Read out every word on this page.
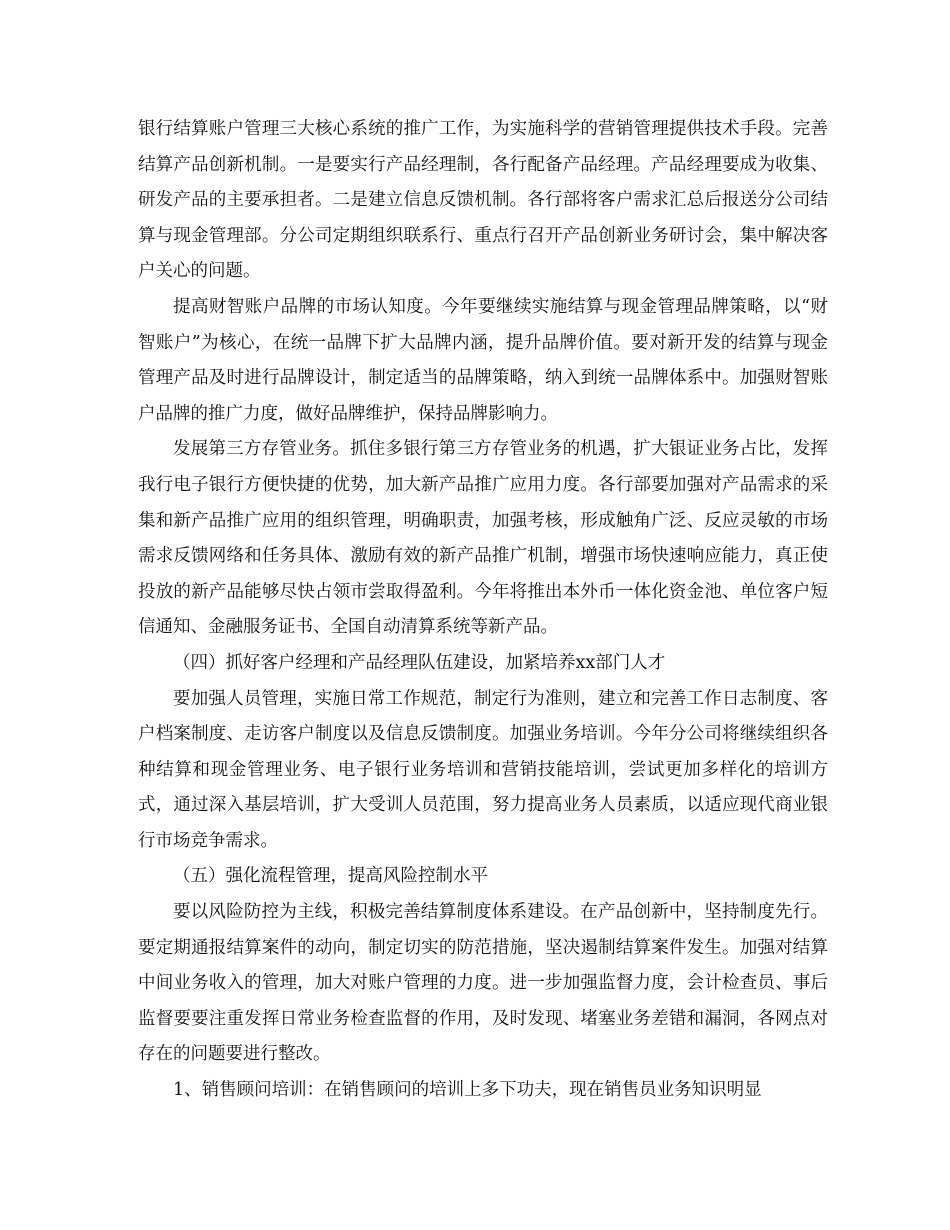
银行结算账户管理三大核心系统的推广工作，为实施科学的营销管理提供技术手段。完善结算产品创新机制。一是要实行产品经理制，各行配备产品经理。产品经理要成为收集、研发产品的主要承担者。二是建立信息反馈机制。各行部将客户需求汇总后报送分公司结算与现金管理部。分公司定期组织联系行、重点行召开产品创新业务研讨会，集中解决客户关心的问题。

提高财智账户品牌的市场认知度。今年要继续实施结算与现金管理品牌策略，以“财智账户”为核心，在统一品牌下扩大品牌内涵，提升品牌价值。要对新开发的结算与现金管理产品及时进行品牌设计，制定适当的品牌策略，纳入到统一品牌体系中。加强财智账户品牌的推广力度，做好品牌维护，保持品牌影响力。

发展第三方存管业务。抓住多银行第三方存管业务的机遇，扩大银证业务占比，发挥我行电子银行方便快捷的优势，加大新产品推广应用力度。各行部要加强对产品需求的采集和新产品推广应用的组织管理，明确职责，加强考核，形成触角广泛、反应灵敏的市场需求反馈网络和任务具体、激励有效的新产品推广机制，增强市场快速响应能力，真正使投放的新产品能够尽快占领市尝取得盈利。今年将推出本外币一体化资金池、单位客户短信通知、金融服务证书、全国自动清算系统等新产品。

（四）抓好客户经理和产品经理队伍建设，加紧培养xx部门人才

要加强人员管理，实施日常工作规范，制定行为准则，建立和完善工作日志制度、客户档案制度、走访客户制度以及信息反馈制度。加强业务培训。今年分公司将继续组织各种结算和现金管理业务、电子银行业务培训和营销技能培训，尝试更加多样化的培训方式，通过深入基层培训，扩大受训人员范围，努力提高业务人员素质，以适应现代商业银行市场竞争需求。

（五）强化流程管理，提高风险控制水平

要以风险防控为主线，积极完善结算制度体系建设。在产品创新中，坚持制度先行。要定期通报结算案件的动向，制定切实的防范措施，坚决遏制结算案件发生。加强对结算中间业务收入的管理，加大对账户管理的力度。进一步加强监督力度，会计检查员、事后监督要要注重发挥日常业务检查监督的作用，及时发现、堵塞业务差错和漏洞，各网点对存在的问题要进行整改。

1、销售顾问培训：在销售顾问的培训上多下功夫，现在销售员业务知识明显
